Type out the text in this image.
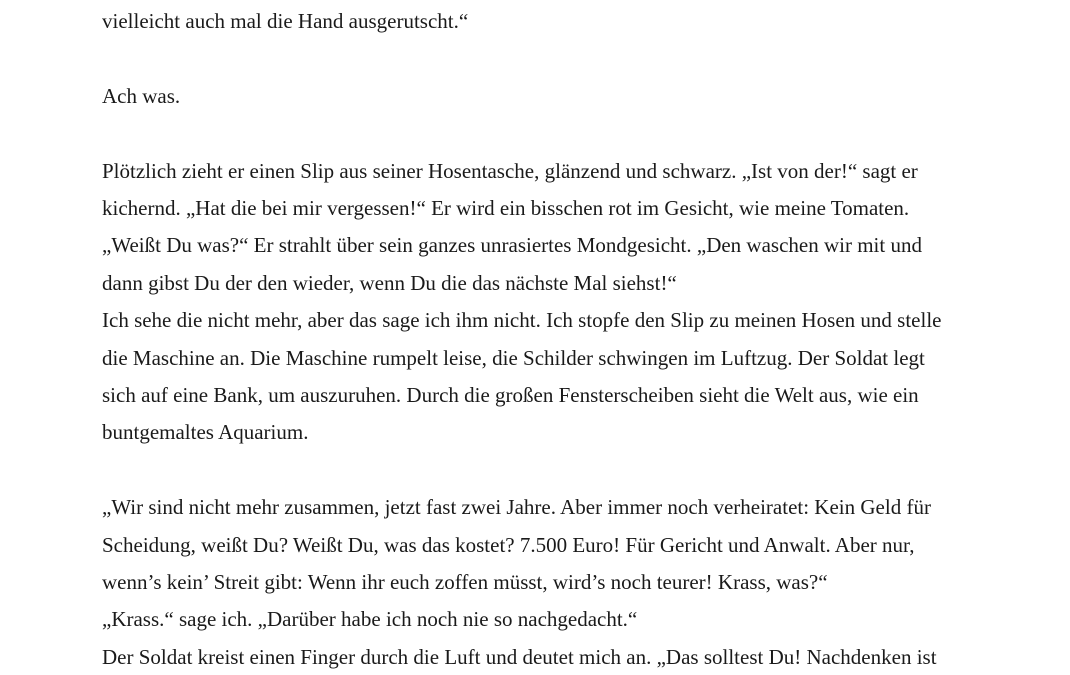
vielleicht auch mal die Hand ausgerutscht.“

Ach was.

Plötzlich zieht er einen Slip aus seiner Hosentasche, glänzend und schwarz. „Ist von der!“ sagt er

kichernd. „Hat die bei mir vergessen!“ Er wird ein bisschen rot im Gesicht, wie meine Tomaten.

„Weißt Du was?“ Er strahlt über sein ganzes unrasiertes Mondgesicht. „Den waschen wir mit und

dann gibst Du der den wieder, wenn Du die das nächste Mal siehst!“

Ich sehe die nicht mehr, aber das sage ich ihm nicht. Ich stopfe den Slip zu meinen Hosen und stelle

die Maschine an. Die Maschine rumpelt leise, die Schilder schwingen im Luftzug. Der Soldat legt

sich auf eine Bank, um auszuruhen. Durch die großen Fensterscheiben sieht die Welt aus, wie ein

buntgemaltes Aquarium.

„Wir sind nicht mehr zusammen, jetzt fast zwei Jahre. Aber immer noch verheiratet: Kein Geld für

Scheidung, weißt Du? Weißt Du, was das kostet? 7.500 Euro! Für Gericht und Anwalt. Aber nur,

wenn’s kein’ Streit gibt: Wenn ihr euch zoffen müsst, wird’s noch teurer! Krass, was?“

„Krass.“ sage ich. „Darüber habe ich noch nie so nachgedacht.“

Der Soldat kreist einen Finger durch die Luft und deutet mich an. „Das solltest Du! Nachdenken ist
